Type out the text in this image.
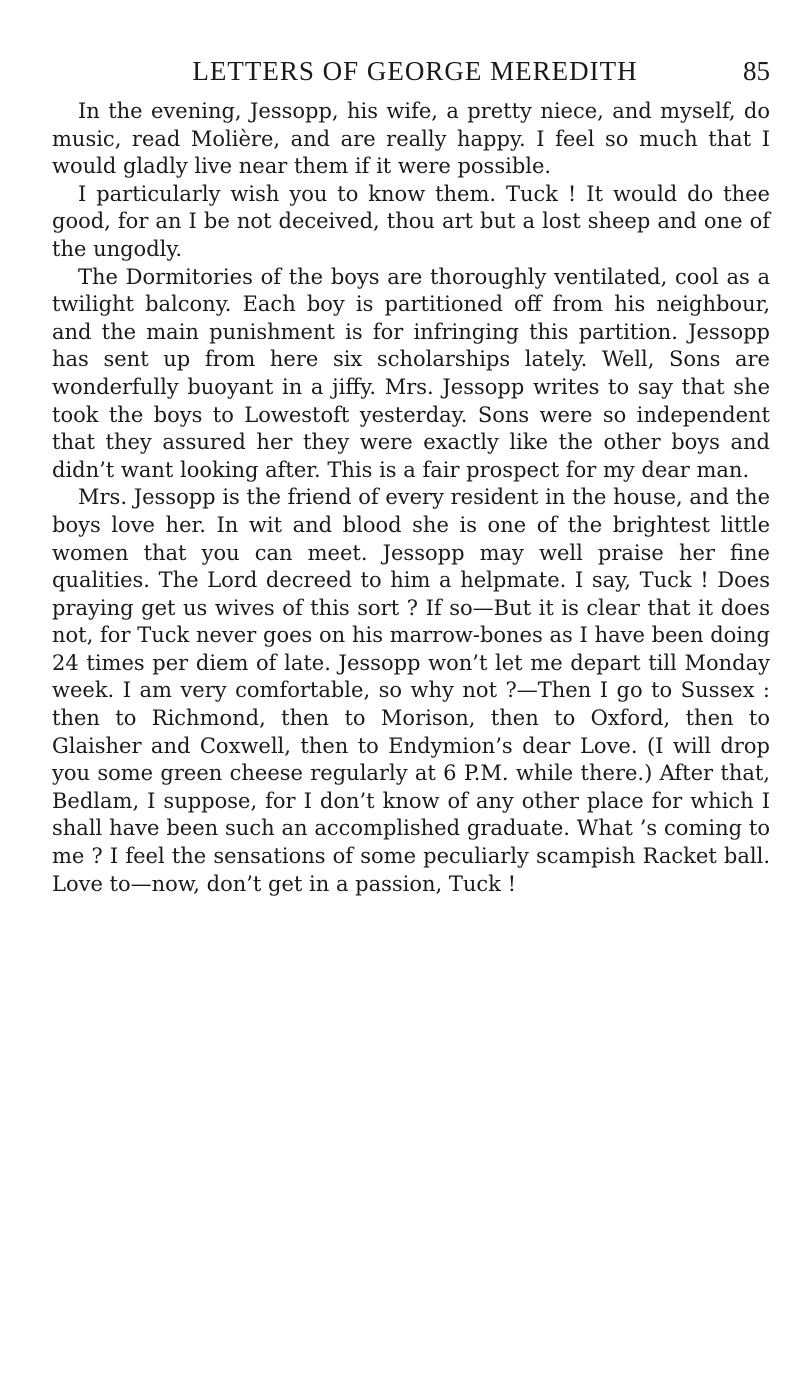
LETTERS OF GEORGE MEREDITH	85

In the evening, Jessopp, his wife, a pretty niece, and myself, do music, read Molière, and are really happy. I feel so much that I would gladly live near them if it were possible.

I particularly wish you to know them. Tuck ! It would do thee good, for an I be not deceived, thou art but a lost sheep and one of the ungodly.

The Dormitories of the boys are thoroughly ventilated, cool as a twilight balcony. Each boy is partitioned off from his neighbour, and the main punishment is for infringing this partition. Jessopp has sent up from here six scholarships lately. Well, Sons are wonderfully buoyant in a jiffy. Mrs. Jessopp writes to say that she took the boys to Lowestoft yesterday. Sons were so independent that they assured her they were exactly like the other boys and didn’t want looking after. This is a fair prospect for my dear man.

Mrs. Jessopp is the friend of every resident in the house, and the boys love her. In wit and blood she is one of the brightest little women that you can meet. Jessopp may well praise her fine qualities. The Lord decreed to him a helpmate. I say, Tuck ! Does praying get us wives of this sort ? If so—But it is clear that it does not, for Tuck never goes on his marrow-bones as I have been doing 24 times per diem of late. Jessopp won’t let me depart till Monday week. I am very comfortable, so why not ?—Then I go to Sussex : then to Richmond, then to Morison, then to Oxford, then to Glaisher and Coxwell, then to Endymion’s dear Love. (I will drop you some green cheese regularly at 6 P.M. while there.) After that, Bedlam, I suppose, for I don’t know of any other place for which I shall have been such an accomplished graduate. What ’s coming to me ? I feel the sensations of some peculiarly scampish Racket ball. Love to—now, don’t get in a passion, Tuck !
